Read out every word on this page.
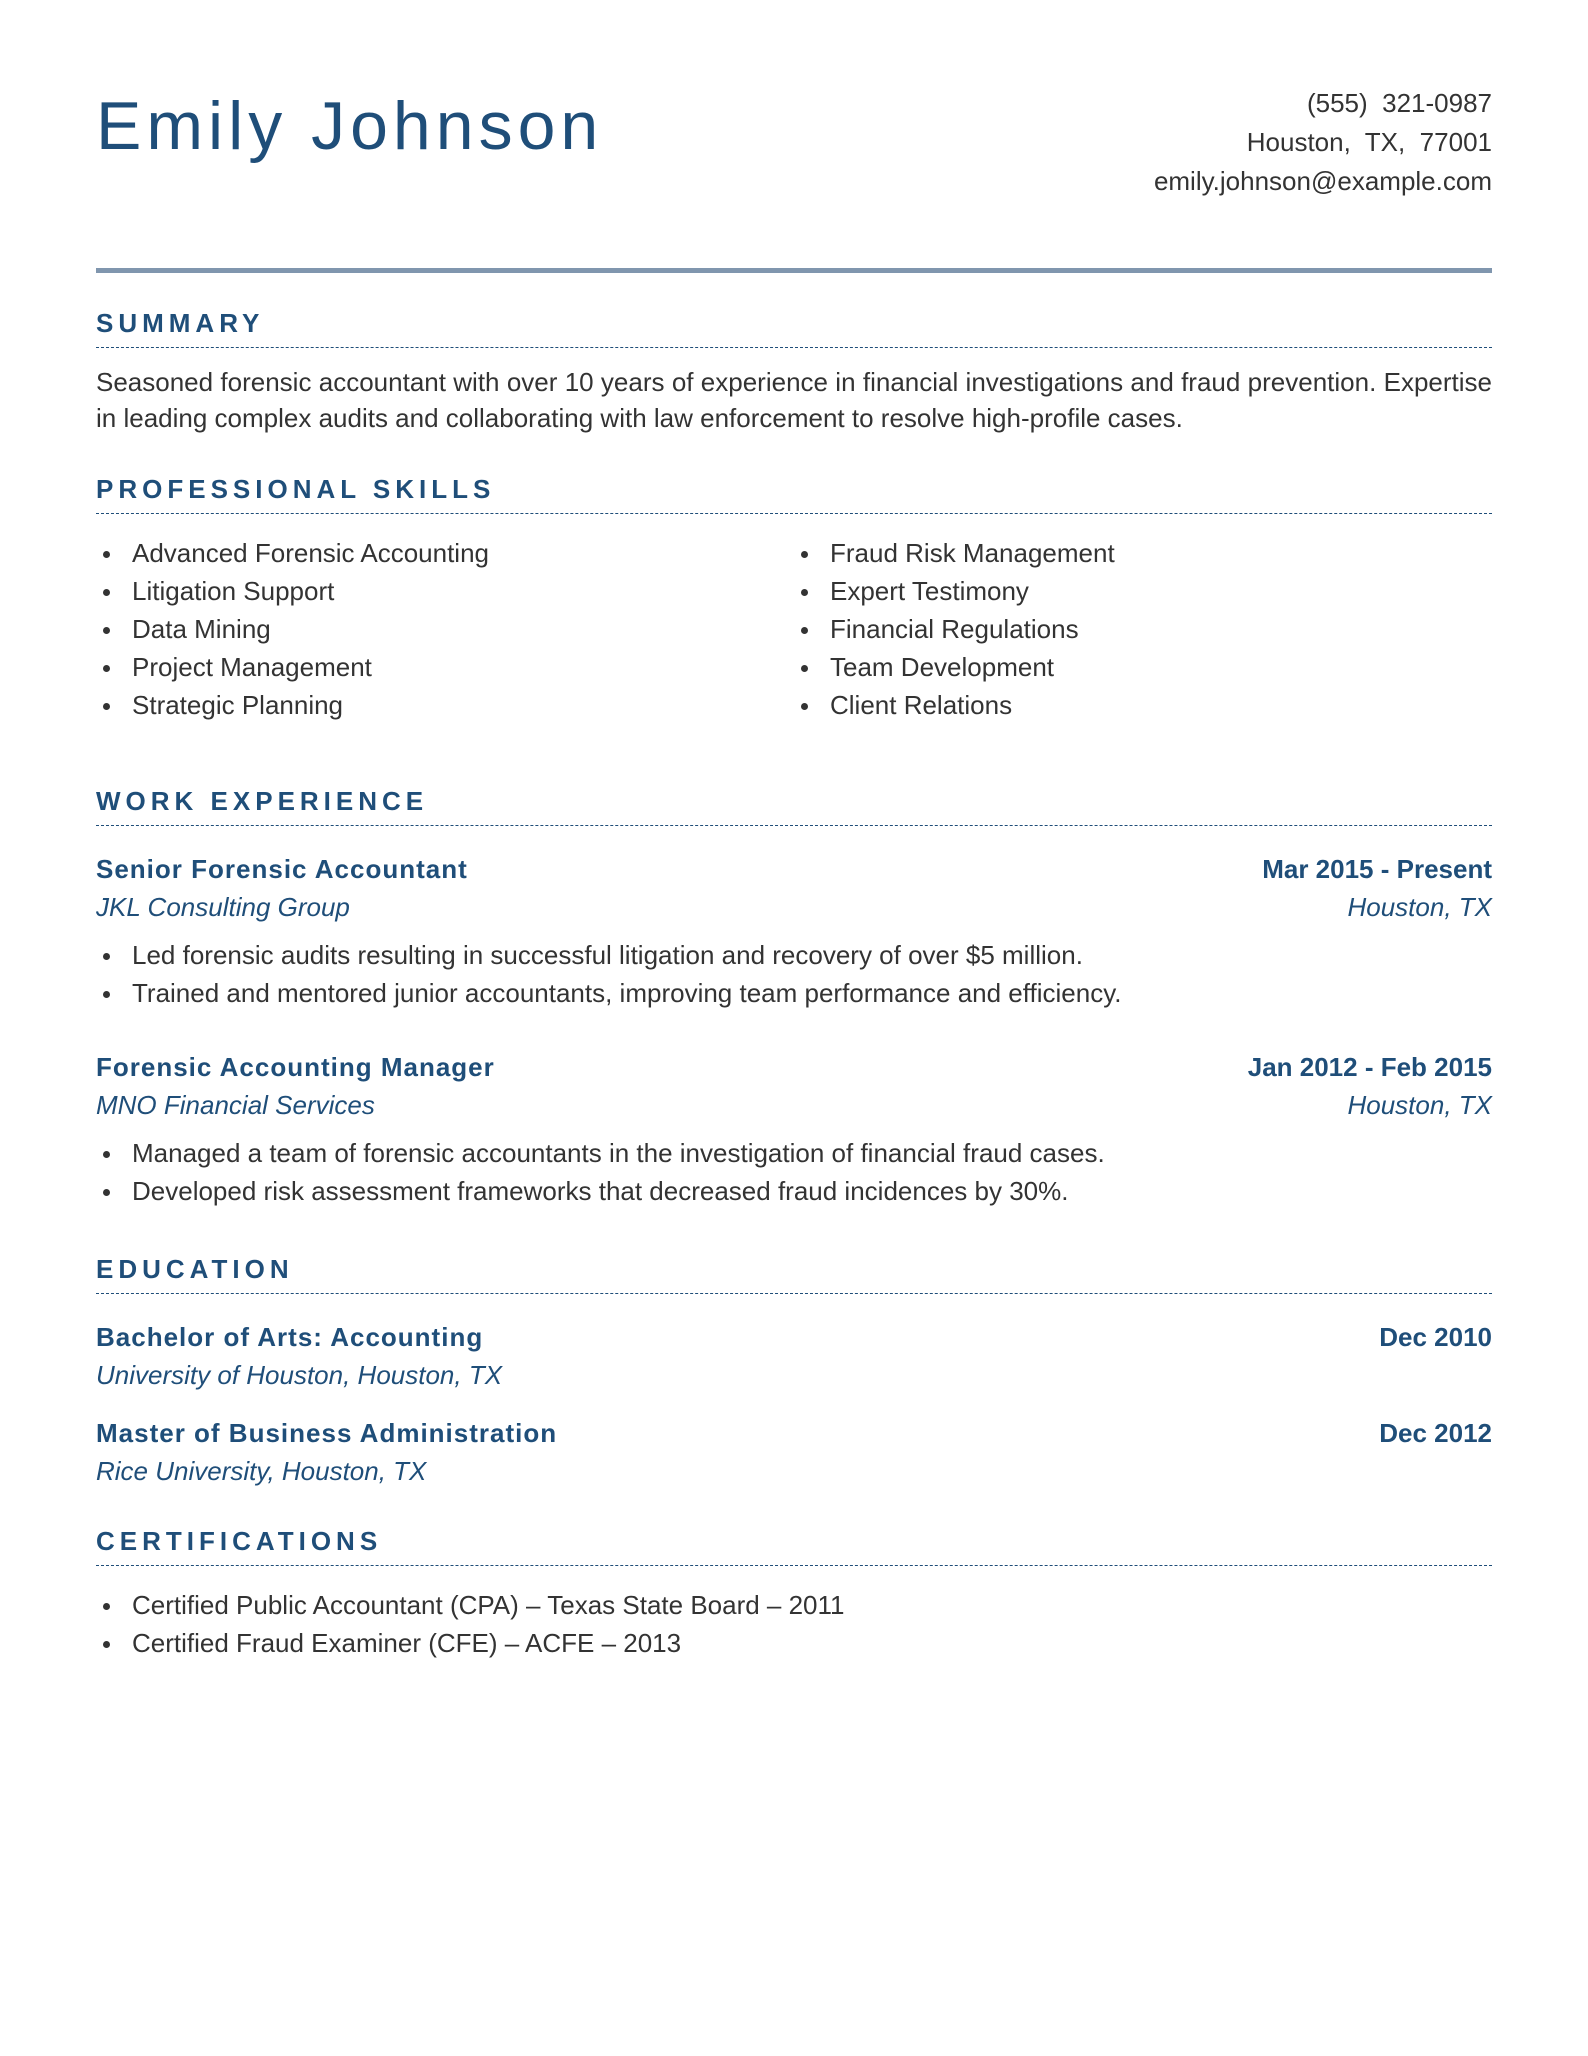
Emily Johnson	(555)  321-0987
Houston,  TX,  77001
emily.johnson@example.com
SUMMARY

Seasoned forensic accountant with over 10 years of experience in financial investigations and fraud prevention. Expertise in leading complex audits and collaborating with law enforcement to resolve high-profile cases.

PROFESSIONAL SKILLS
Advanced Forensic Accounting
Litigation Support
Data Mining
Project Management
Strategic Planning
Fraud Risk Management
Expert Testimony
Financial Regulations
Team Development
Client Relations
WORK EXPERIENCE
Senior Forensic Accountant	Mar 2015 - Present
JKL Consulting Group	Houston, TX
Led forensic audits resulting in successful litigation and recovery of over $5 million.
Trained and mentored junior accountants, improving team performance and efficiency.
Forensic Accounting Manager	Jan 2012 - Feb 2015
MNO Financial Services	Houston, TX
Managed a team of forensic accountants in the investigation of financial fraud cases.
Developed risk assessment frameworks that decreased fraud incidences by 30%.
EDUCATION
Bachelor of Arts: Accounting	Dec 2010
University of Houston, Houston, TX
Master of Business Administration	Dec 2012
Rice University, Houston, TX
CERTIFICATIONS
Certified Public Accountant (CPA) – Texas State Board – 2011
Certified Fraud Examiner (CFE) – ACFE – 2013
